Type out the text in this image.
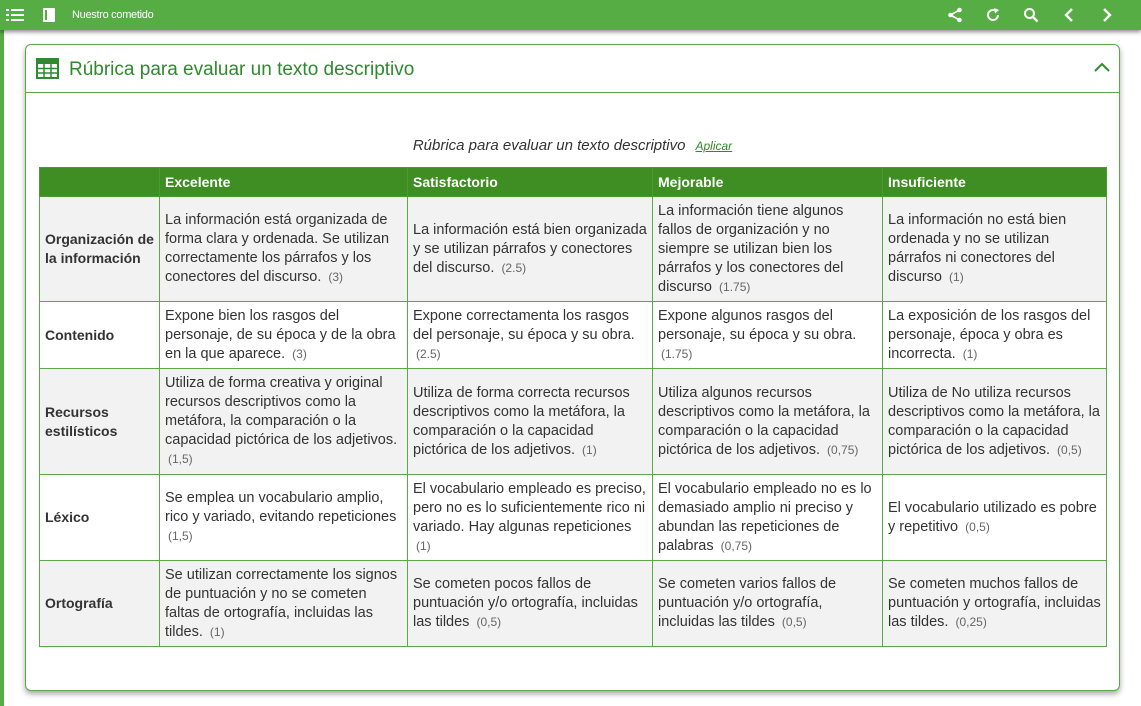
Nuestro cometido
Rúbrica para evaluar un texto descriptivo
Rúbrica para evaluar un texto descriptivo Aplicar
	Excelente	Satisfactorio	Mejorable	Insuficiente
Organización de la información	La información está organizada de forma clara y ordenada. Se utilizan correctamente los párrafos y los conectores del discurso. (3)	La información está bien organizada y se utilizan párrafos y conectores del discurso. (2.5)	La información tiene algunos fallos de organización y no siempre se utilizan bien los párrafos y los conectores del discurso (1.75)	La información no está bien ordenada y no se utilizan párrafos ni conectores del discurso (1)
Contenido	Expone bien los rasgos del personaje, de su época y de la obra en la que aparece. (3)	Expone correctamenta los rasgos del personaje, su época y su obra. (2.5)	Expone algunos rasgos del personaje, su época y su obra. (1.75)	La exposición de los rasgos del personaje, época y obra es incorrecta. (1)
Recursos estilísticos	Utiliza de forma creativa y original recursos descriptivos como la metáfora, la comparación o la capacidad pictórica de los adjetivos. (1,5)	Utiliza de forma correcta recursos descriptivos como la metáfora, la comparación o la capacidad pictórica de los adjetivos. (1)	Utiliza algunos recursos descriptivos como la metáfora, la comparación o la capacidad pictórica de los adjetivos. (0,75)	Utiliza de No utiliza recursos descriptivos como la metáfora, la comparación o la capacidad pictórica de los adjetivos. (0,5)
Léxico	Se emplea un vocabulario amplio, rico y variado, evitando repeticiones (1,5)	El vocabulario empleado es preciso, pero no es lo suficientemente rico ni variado. Hay algunas repeticiones (1)	El vocabulario empleado no es lo demasiado amplio ni preciso y abundan las repeticiones de palabras (0,75)	El vocabulario utilizado es pobre y repetitivo (0,5)
Ortografía	Se utilizan correctamente los signos de puntuación y no se cometen faltas de ortografía, incluidas las tildes. (1)	Se cometen pocos fallos de puntuación y/o ortografía, incluidas las tildes (0,5)	Se cometen varios fallos de puntuación y/o ortografía, incluidas las tildes (0,5)	Se cometen muchos fallos de puntuación y ortografía, incluidas las tildes. (0,25)
